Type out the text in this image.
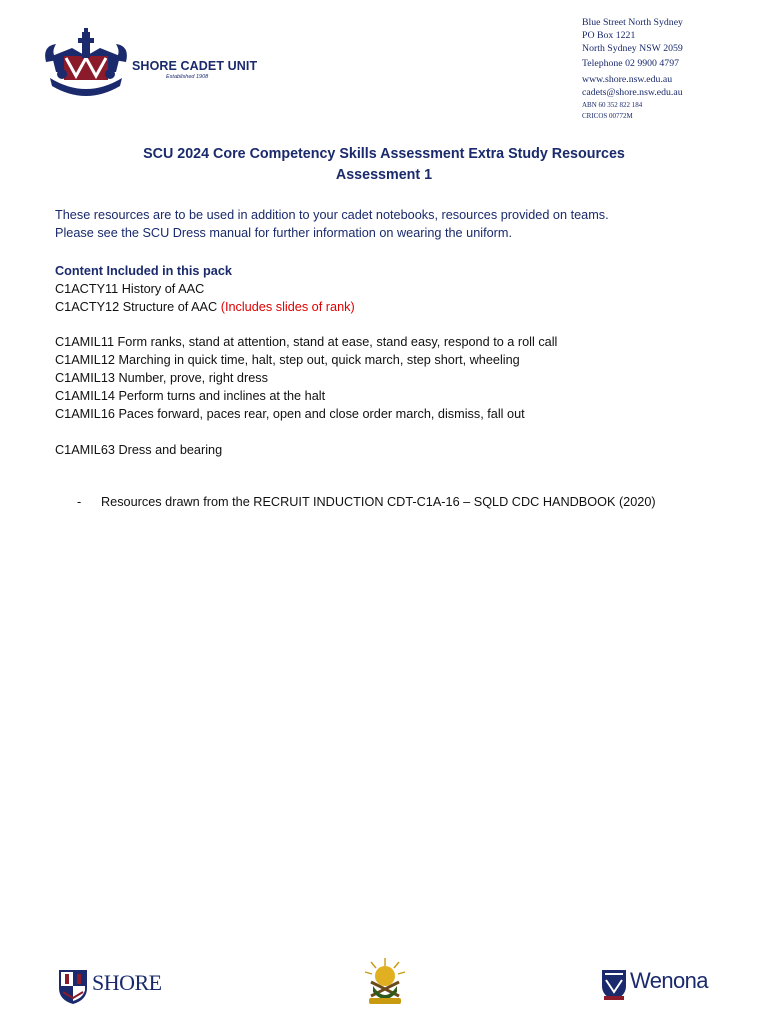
SHORE CADET UNIT
Established 1908
Blue Street North Sydney
PO Box 1221
North Sydney NSW 2059
Telephone 02 9900 4797
www.shore.nsw.edu.au
cadets@shore.nsw.edu.au
ABN 60 352 822 184
CRICOS 00772M
SCU 2024 Core Competency Skills Assessment Extra Study Resources
Assessment 1
These resources are to be used in addition to your cadet notebooks, resources provided on teams.
Please see the SCU Dress manual for further information on wearing the uniform.
Content Included in this pack
C1ACTY11 History of AAC
C1ACTY12 Structure of AAC (Includes slides of rank)
C1AMIL11 Form ranks, stand at attention, stand at ease, stand easy, respond to a roll call
C1AMIL12 Marching in quick time, halt, step out, quick march, step short, wheeling
C1AMIL13 Number, prove, right dress
C1AMIL14 Perform turns and inclines at the halt
C1AMIL16 Paces forward, paces rear, open and close order march, dismiss, fall out
C1AMIL63 Dress and bearing
- Resources drawn from the RECRUIT INDUCTION CDT-C1A-16 – SQLD CDC HANDBOOK (2020)
SHORE	Wenona
